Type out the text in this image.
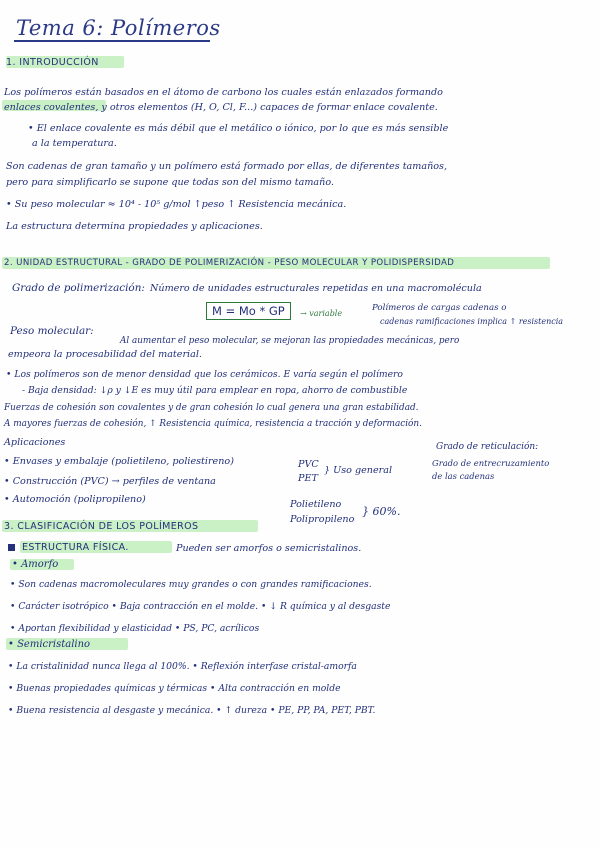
Tema 6: Polímeros
1. INTRODUCCIÓN
Los polímeros están basados en el átomo de carbono los cuales están enlazados formando
enlaces covalentes, y otros elementos (H, O, Cl, F...) capaces de formar enlace covalente.
• El enlace covalente es más débil que el metálico o iónico, por lo que es más sensible
a la temperatura.
Son cadenas de gran tamaño y un polímero está formado por ellas, de diferentes tamaños,
pero para simplificarlo se supone que todas son del mismo tamaño.
• Su peso molecular ≈ 10⁴ - 10⁵ g/mol ↑peso ↑ Resistencia mecánica.
La estructura determina propiedades y aplicaciones.
2. UNIDAD ESTRUCTURAL - GRADO DE POLIMERIZACIÓN - PESO MOLECULAR Y POLIDISPERSIDAD
Grado de polimerización: Número de unidades estructurales repetidas en una macromolécula
M = Mo * GP	→ variable
Polímeros de cargas cadenas o
cadenas ramificaciones implica ↑ resistencia
Peso molecular:
Al aumentar el peso molecular, se mejoran las propiedades mecánicas, pero
empeora la procesabilidad del material.
• Los polímeros son de menor densidad que los cerámicos. E varía según el polímero
- Baja densidad: ↓ρ y ↓E es muy útil para emplear en ropa, ahorro de combustible
Fuerzas de cohesión son covalentes y de gran cohesión lo cual genera una gran estabilidad.
A mayores fuerzas de cohesión, ↑ Resistencia química, resistencia a tracción y deformación.
Aplicaciones
• Envases y embalaje (polietileno, poliestireno)
• Construcción (PVC) → perfiles de ventana
• Automoción (polipropileno)
PVC
PET
} Uso general
Grado de reticulación:
Grado de entrecruzamiento
de las cadenas
Polietileno
Polipropileno
} 60%.
3. CLASIFICACIÓN DE LOS POLÍMEROS
ESTRUCTURA FÍSICA.	Pueden ser amorfos o semicristalinos.
• Amorfo
• Son cadenas macromoleculares muy grandes o con grandes ramificaciones.
• Carácter isotrópico • Baja contracción en el molde. • ↓ R química y al desgaste
• Aportan flexibilidad y elasticidad • PS, PC, acrílicos
• Semicristalino
• La cristalinidad nunca llega al 100%. • Reflexión interfase cristal-amorfa
• Buenas propiedades químicas y térmicas • Alta contracción en molde
• Buena resistencia al desgaste y mecánica. • ↑ dureza • PE, PP, PA, PET, PBT.
